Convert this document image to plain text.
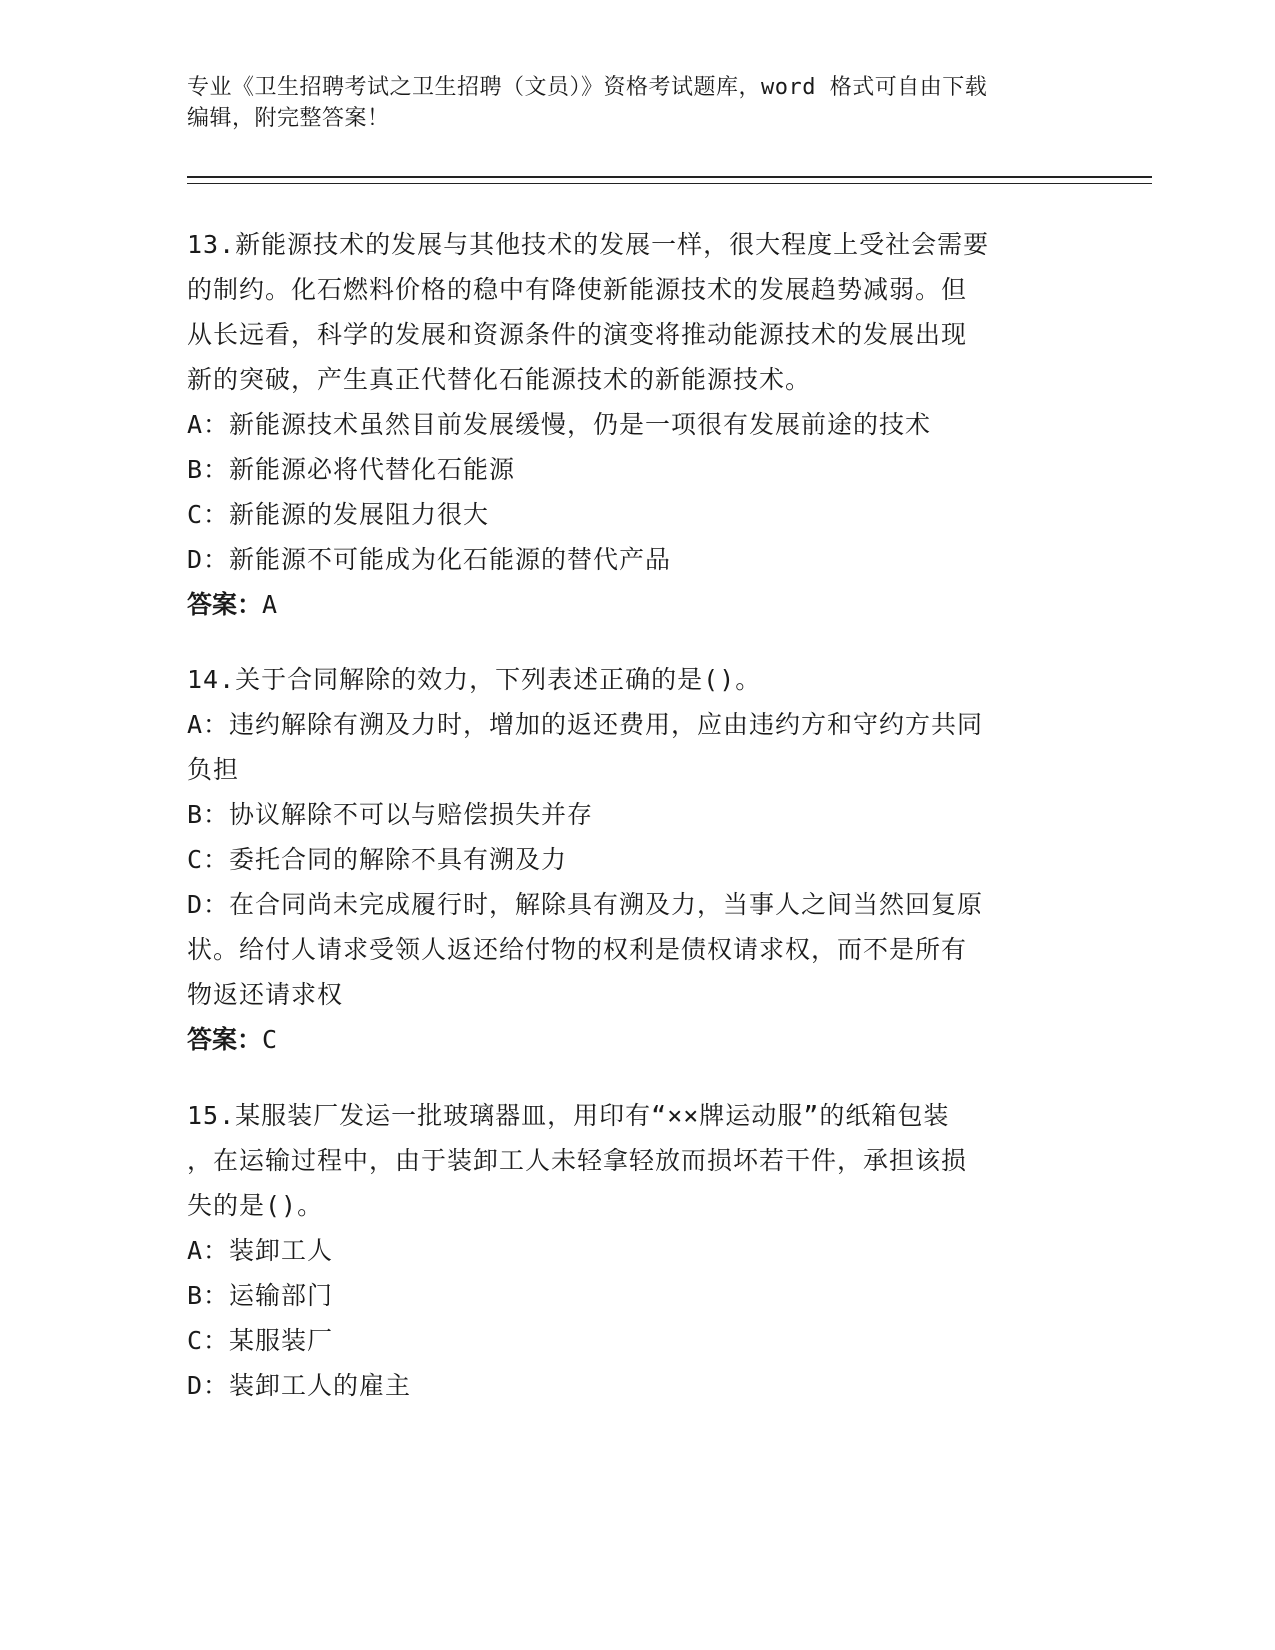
专业《卫生招聘考试之卫生招聘（文员）》资格考试题库，word 格式可自由下载
编辑，附完整答案！
13.新能源技术的发展与其他技术的发展一样，很大程度上受社会需要
的制约。化石燃料价格的稳中有降使新能源技术的发展趋势减弱。但
从长远看，科学的发展和资源条件的演变将推动能源技术的发展出现
新的突破，产生真正代替化石能源技术的新能源技术。
A：新能源技术虽然目前发展缓慢，仍是一项很有发展前途的技术
B：新能源必将代替化石能源
C：新能源的发展阻力很大
D：新能源不可能成为化石能源的替代产品
答案：A
14.关于合同解除的效力，下列表述正确的是()。
A：违约解除有溯及力时，增加的返还费用，应由违约方和守约方共同
负担
B：协议解除不可以与赔偿损失并存
C：委托合同的解除不具有溯及力
D：在合同尚未完成履行时，解除具有溯及力，当事人之间当然回复原
状。给付人请求受领人返还给付物的权利是债权请求权，而不是所有
物返还请求权
答案：C
15.某服装厂发运一批玻璃器皿，用印有“××牌运动服”的纸箱包装
，在运输过程中，由于装卸工人未轻拿轻放而损坏若干件，承担该损
失的是()。
A：装卸工人
B：运输部门
C：某服装厂
D：装卸工人的雇主
